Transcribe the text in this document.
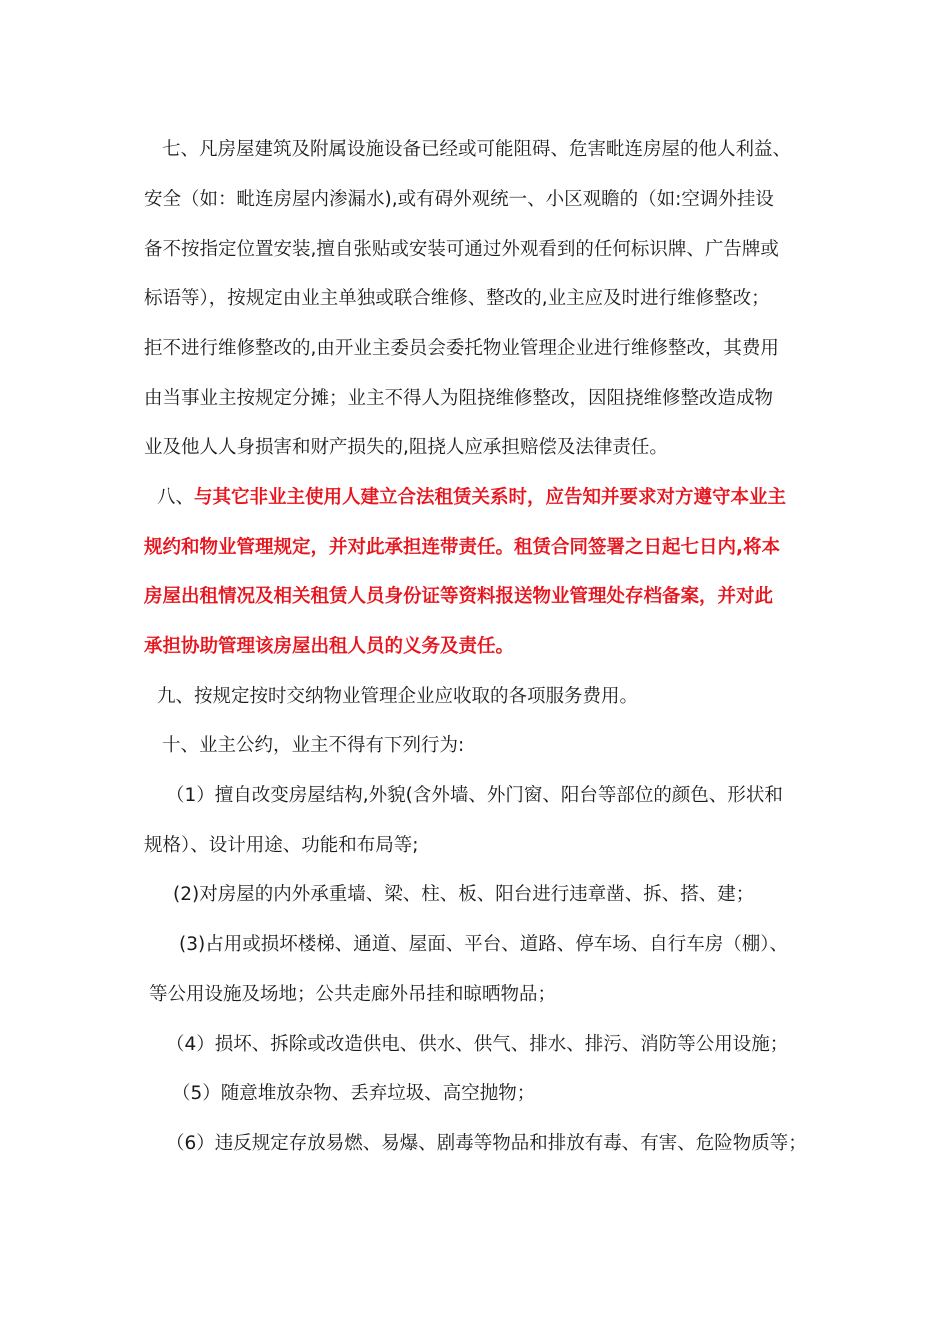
七、凡房屋建筑及附属设施设备已经或可能阻碍、危害毗连房屋的他人利益、
安全（如：毗连房屋内渗漏水),或有碍外观统一、小区观瞻的（如:空调外挂设
备不按指定位置安装,擅自张贴或安装可通过外观看到的任何标识牌、广告牌或
标语等），按规定由业主单独或联合维修、整改的,业主应及时进行维修整改；
拒不进行维修整改的,由开业主委员会委托物业管理企业进行维修整改，其费用
由当事业主按规定分摊；业主不得人为阻挠维修整改，因阻挠维修整改造成物
业及他人人身损害和财产损失的,阻挠人应承担赔偿及法律责任。
八、与其它非业主使用人建立合法租赁关系时，应告知并要求对方遵守本业主
规约和物业管理规定，并对此承担连带责任。租赁合同签署之日起七日内,将本
房屋出租情况及相关租赁人员身份证等资料报送物业管理处存档备案，并对此
承担协助管理该房屋出租人员的义务及责任。
九、按规定按时交纳物业管理企业应收取的各项服务费用。
十、业主公约，业主不得有下列行为:
（1）擅自改变房屋结构,外貌(含外墙、外门窗、阳台等部位的颜色、形状和
规格）、设计用途、功能和布局等;
(2)对房屋的内外承重墙、梁、柱、板、阳台进行违章凿、拆、搭、建；
(3)占用或损坏楼梯、通道、屋面、平台、道路、停车场、自行车房（棚）、
等公用设施及场地；公共走廊外吊挂和晾晒物品；
（4）损坏、拆除或改造供电、供水、供气、排水、排污、消防等公用设施；
（5）随意堆放杂物、丢弃垃圾、高空抛物；
（6）违反规定存放易燃、易爆、剧毒等物品和排放有毒、有害、危险物质等；
